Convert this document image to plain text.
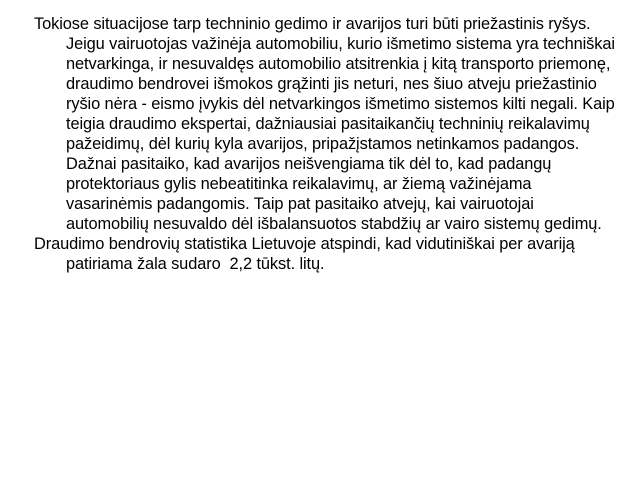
Tokiose situacijose tarp techninio gedimo ir avarijos turi būti priežastinis ryšys. Jeigu vairuotojas važinėja automobiliu, kurio išmetimo sistema yra techniškai netvarkinga, ir nesuvaldęs automobilio atsitrenkia į kitą transporto priemonę, draudimo bendrovei išmokos grąžinti jis neturi, nes šiuo atveju priežastinio ryšio nėra - eismo įvykis dėl netvarkingos išmetimo sistemos kilti negali. Kaip teigia draudimo ekspertai, dažniausiai pasitaikančių techninių reikalavimų pažeidimų, dėl kurių kyla avarijos, pripažįstamos netinkamos padangos. Dažnai pasitaiko, kad avarijos neišvengiama tik dėl to, kad padangų protektoriaus gylis nebeatitinka reikalavimų, ar žiemą važinėjama vasarinėmis padangomis. Taip pat pasitaiko atvejų, kai vairuotojai automobilių nesuvaldo dėl išbalansuotos stabdžių ar vairo sistemų gedimų.

Draudimo bendrovių statistika Lietuvoje atspindi, kad vidutiniškai per avariją patiriama žala sudaro  2,2 tūkst. litų.
